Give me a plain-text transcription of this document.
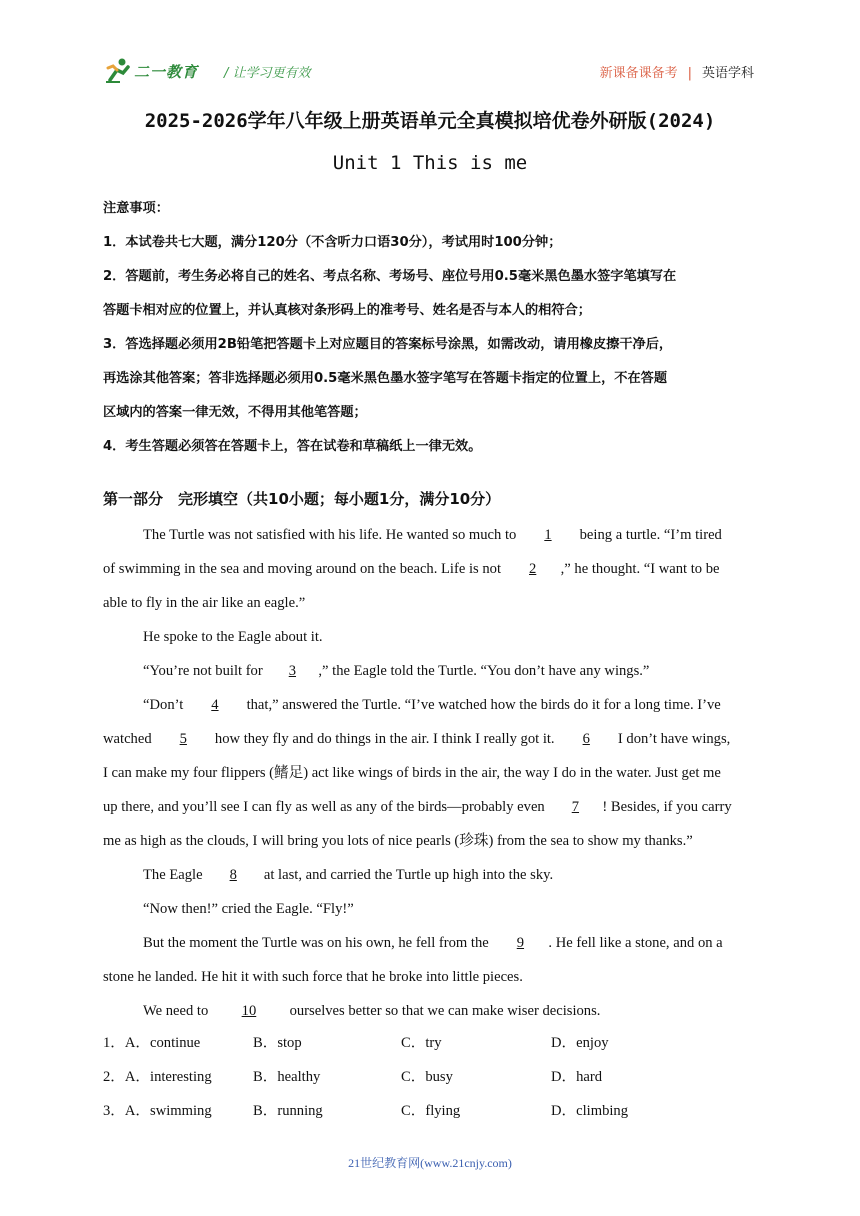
二一教育 / 让学习更有效	新课备课备考 | 英语学科
2025-2026学年八年级上册英语单元全真模拟培优卷外研版(2024)
Unit 1 This is me
注意事项：
1．本试卷共七大题，满分120分（不含听力口语30分），考试用时100分钟；
2．答题前，考生务必将自己的姓名、考点名称、考场号、座位号用0.5毫米黑色墨水签字笔填写在
答题卡相对应的位置上，并认真核对条形码上的准考号、姓名是否与本人的相符合；
3．答选择题必须用2B铅笔把答题卡上对应题目的答案标号涂黑，如需改动，请用橡皮擦干净后，
再选涂其他答案；答非选择题必须用0.5毫米黑色墨水签字笔写在答题卡指定的位置上，不在答题
区域内的答案一律无效，不得用其他笔答题；
4．考生答题必须答在答题卡上，答在试卷和草稿纸上一律无效。
第一部分　完形填空（共10小题；每小题1分，满分10分）
The Turtle was not satisfied with his life. He wanted so much to 1 being a turtle. “I’m tired
of swimming in the sea and moving around on the beach. Life is not 2 ,” he thought. “I want to be
able to fly in the air like an eagle.”
He spoke to the Eagle about it.
“You’re not built for 3 ,” the Eagle told the Turtle. “You don’t have any wings.”
“Don’t 4 that,” answered the Turtle. “I’ve watched how the birds do it for a long time. I’ve
watched 5 how they fly and do things in the air. I think I really got it. 6 I don’t have wings,
I can make my four flippers (鳍足) act like wings of birds in the air, the way I do in the water. Just get me
up there, and you’ll see I can fly as well as any of the birds—probably even 7 ! Besides, if you carry
me as high as the clouds, I will bring you lots of nice pearls (珍珠) from the sea to show my thanks.”
The Eagle 8 at last, and carried the Turtle up high into the sky.
“Now then!” cried the Eagle. “Fly!”
But the moment the Turtle was on his own, he fell from the 9 . He fell like a stone, and on a
stone he landed. He hit it with such force that he broke into little pieces.
We need to 10 ourselves better so that we can make wiser decisions.
1．A．continue	B．stop	C．try	D．enjoy
2．A．interesting	B．healthy	C．busy	D．hard
3．A．swimming	B．running	C．flying	D．climbing
21世纪教育网(www.21cnjy.com)
